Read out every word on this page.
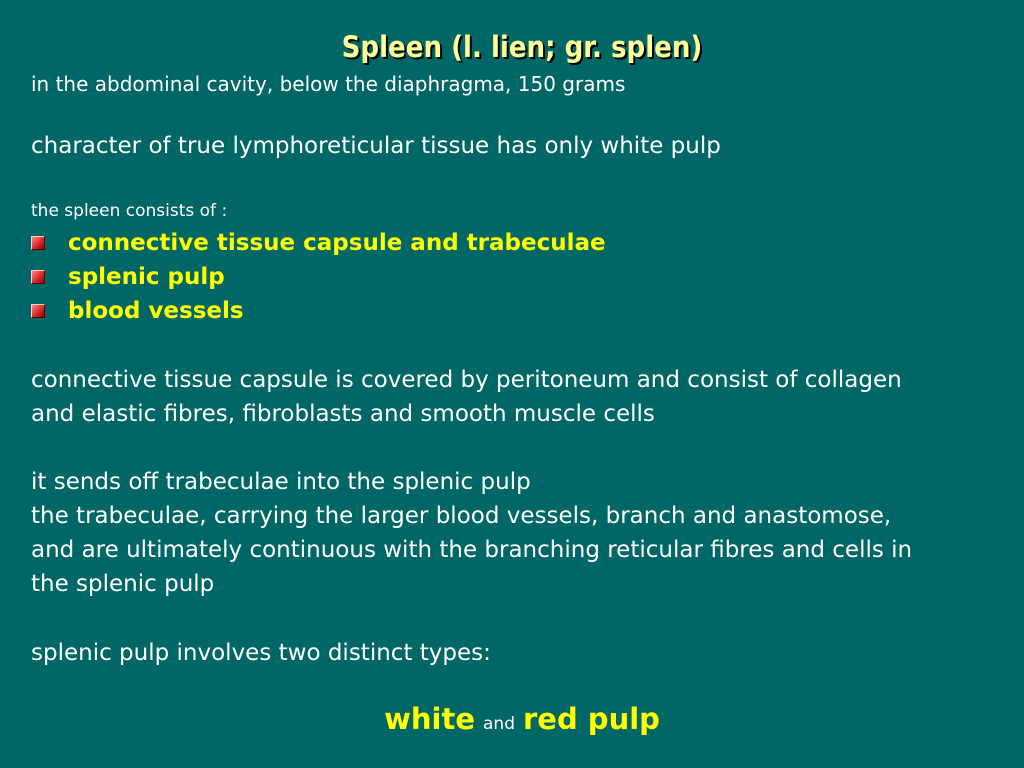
Spleen (l. lien; gr. splen)
in the abdominal cavity, below the diaphragma, 150 grams
character of true lymphoreticular tissue has only white pulp
the spleen consists of :
connective tissue capsule and trabeculae
splenic pulp
blood vessels
connective tissue capsule is covered by peritoneum and consist of collagen
and elastic fibres, fibroblasts and smooth muscle cells
it sends off trabeculae into the splenic pulp
the trabeculae, carrying the larger blood vessels, branch and anastomose,
and are ultimately continuous with the branching reticular fibres and cells in
the splenic pulp
splenic pulp involves two distinct types:
white and red pulp
